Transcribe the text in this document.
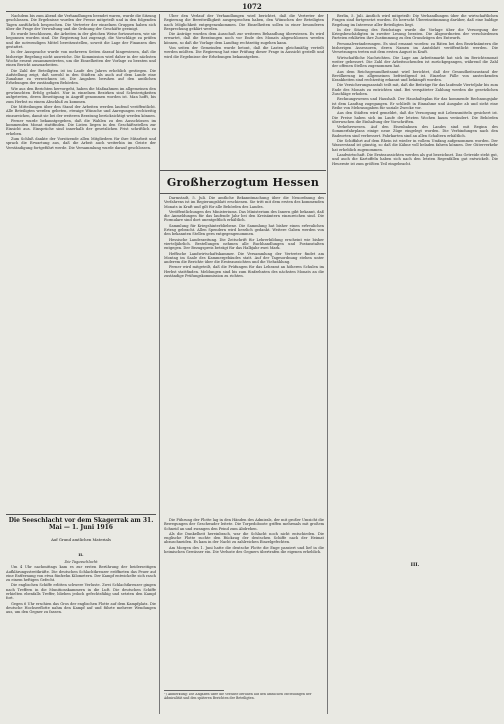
1072

Nachdem bis zum Abend die Verhandlungen beendet waren, wurde die Sitzung geschlossen. Die Ergebnisse wurden der Presse mitgeteilt und in den folgenden Tagen ausführlich besprochen. Die Vertreter der einzelnen Gruppen haben sich über die Frage der Verwaltung und die Ordnung der Geschäfte geeinigt.

Es wurde beschlossen, die Arbeiten in der gleichen Weise fortzusetzen, wie sie begonnen worden sind. Die Regierung hat zugesagt, die Vorschläge zu prüfen und die notwendigen Mittel bereitzustellen, soweit die Lage der Finanzen dies gestattet.

In der Aussprache wurde von mehreren Seiten darauf hingewiesen, daß die bisherige Regelung nicht ausreiche. Die Kommission wird daher in der nächsten Woche erneut zusammentreten, um die Einzelheiten der Vorlage zu beraten und einen Bericht auszuarbeiten.

Die Zahl der Beteiligten ist im Laufe des Jahres erheblich gestiegen. Die Aufstellung zeigt, daß sowohl in den Städten als auch auf dem Lande eine Zunahme zu verzeichnen ist. Die Angaben beruhen auf den amtlichen Erhebungen der zuständigen Behörden.

Wie aus den Berichten hervorgeht, haben die Maßnahmen im allgemeinen den gewünschten Erfolg gehabt. Nur in einzelnen Bezirken sind Schwierigkeiten aufgetreten, deren Beseitigung in Angriff genommen worden ist. Man hofft, bis zum Herbst zu einem Abschluß zu kommen.

Die Mitteilungen über den Stand der Arbeiten werden laufend veröffentlicht. Alle Beteiligten werden gebeten, etwaige Wünsche und Anregungen rechtzeitig einzureichen, damit sie bei der weiteren Beratung berücksichtigt werden können.

Ferner wurde bekanntgegeben, daß die Wahlen zu den Ausschüssen im kommenden Monat stattfinden. Die Listen liegen in den Geschäftsstellen zur Einsicht aus. Einsprüche sind innerhalb der gesetzlichen Frist schriftlich zu erheben.

Zum Schluß dankte der Vorsitzende allen Mitgliedern für ihre Mitarbeit und sprach die Erwartung aus, daß die Arbeit auch weiterhin im Geiste der Verständigung fortgeführt werde. Die Versammlung wurde darauf geschlossen.

Über den Verlauf der Verhandlungen wird berichtet, daß die Vertreter der Regierung die Bereitwilligkeit ausgesprochen haben, den Wünschen der Beteiligten nach Möglichkeit entgegenzukommen. Die Einzelheiten sollen in einer besonderen Besprechung geklärt werden.

Die Anträge wurden dem Ausschuß zur weiteren Behandlung überwiesen. Es wird erwartet, daß die Beratungen noch vor Ende des Monats abgeschlossen werden können, so daß die Vorlage dem Landtag rechtzeitig zugehen kann.

Von seiten der Gemeinden wurde betont, daß die Lasten gleichmäßig verteilt werden müßten. Die Regierung hat eine Prüfung dieser Frage in Aussicht gestellt und wird die Ergebnisse der Erhebungen bekanntgeben.

Großherzogtum Hessen

Darmstadt, 5. Juli. Die amtliche Bekanntmachung über die Neuordnung des Verfahrens ist im Regierungsblatt erschienen. Sie tritt mit dem ersten des kommenden Monats in Kraft und gilt für alle Behörden des Landes.

Veröffentlichungen des Ministeriums. Das Ministerium des Innern gibt bekannt, daß die Anmeldungen für das laufende Jahr bei den Kreisämtern einzureichen sind. Die Formulare sind dort unentgeltlich erhältlich.

Sammlung für Kriegshinterbliebene. Die Sammlung hat bisher einen erfreulichen Ertrag gebracht. Allen Spendern wird herzlich gedankt. Weitere Gaben werden von den bekannten Stellen gern entgegengenommen.

Hessische Landeszeitung. Die Zeitschrift für Lehrerbildung erscheint wie bisher vierteljährlich. Bestellungen nehmen alle Buchhandlungen und Postanstalten entgegen. Der Bezugspreis beträgt für das Halbjahr zwei Mark.

Heffische Landwirtschaftskammer. Die Versammlung der Vertreter findet am Montag im Saale des Kammergebäudes statt. Auf der Tagesordnung stehen unter anderem die Berichte über die Ernteaussichten und die Viehzählung.

Ferner wird mitgeteilt, daß die Prüfungen für das Lehramt an höheren Schulen im Herbst stattfinden. Meldungen sind bis zum fünfzehnten des nächsten Monats an die zuständige Prüfungskommission zu richten.

Berlin, 5. Juli. Amtlich wird mitgeteilt: Die Verhandlungen über die wirtschaftlichen Fragen sind fortgesetzt worden. Es herrscht Übereinstimmung darüber, daß eine baldige Regelung im Interesse aller Beteiligten liegt.

In der Sitzung des Reichstags wurde die Vorlage über die Versorgung der Kriegsbeschädigten in zweiter Lesung beraten. Die Abgeordneten der verschiedenen Parteien erklärten ihre Zustimmung zu den Grundzügen des Entwurfs.

Personalveränderungen. Es sind ernannt worden: zu Räten bei den Bezirksämtern die bisherigen Assessoren, deren Namen im Amtsblatt veröffentlicht werden. Die Versetzungen treten mit dem ersten August in Kraft.

Wirtschaftliche Nachrichten. Die Lage am Arbeitsmarkt hat sich im Berichtsmonat weiter gebessert. Die Zahl der Arbeitsuchenden ist zurückgegangen, während die Zahl der offenen Stellen zugenommen hat.

Aus dem Reichsgesundheitsamt wird berichtet, daß der Gesundheitszustand der Bevölkerung im allgemeinen befriedigend ist. Einzelne Fälle von ansteckenden Krankheiten sind rechtzeitig erkannt und bekämpft worden.

Die Versicherungsanstalt teilt mit, daß die Beiträge für das laufende Vierteljahr bis zum Ende des Monats zu entrichten sind. Bei verspäteter Zahlung werden die gesetzlichen Zuschläge erhoben.

Rechnungswesen und Haushalt. Der Haushaltsplan für das kommende Rechnungsjahr ist dem Landtag zugegangen. Er schließt in Einnahme und Ausgabe ab und sieht eine Reihe von Mehrausgaben für soziale Zwecke vor.

Aus den Städten wird gemeldet, daß die Versorgung mit Lebensmitteln gesichert ist. Die Preise haben sich im Laufe der letzten Wochen kaum verändert. Die Behörden überwachen die Einhaltung der Vorschriften.

Verkehrswesen. Auf den Eisenbahnen des Landes sind mit Beginn des Sommerfahrplans einige neue Züge eingelegt worden. Die Verbindungen nach den Badeorten sind verbessert. Fahrkarten sind an allen Schaltern erhältlich.

Die Schiffahrt auf dem Rhein ist wieder in vollem Umfang aufgenommen worden. Der Wasserstand ist günstig, so daß die Kähne voll beladen fahren können. Der Güterverkehr hat erheblich zugenommen.

Landwirtschaft. Die Ernteaussichten werden als gut bezeichnet. Das Getreide steht gut, und auch die Kartoffeln haben sich nach den letzten Regenfällen gut entwickelt. Die Heuernte ist zum größten Teil eingebracht.

Die Seeschlacht vor dem Skagerrak am 31. Mai — 1. Juni 1916
Auf Grund amtlichen Materials
II.

Die Tagesschlacht

Um 4 Uhr nachmittags kam es zur ersten Berührung der beiderseitigen Aufklärungsstreitkräfte. Die deutschen Schlachtkreuzer eröffneten das Feuer auf eine Entfernung von etwa fünfzehn Kilometern. Der Kampf entwickelte sich rasch zu einem heftigen Gefecht.

Die englischen Schiffe erlitten schwere Verluste. Zwei Schlachtkreuzer gingen nach Treffern in die Munitionskammern in die Luft. Die deutschen Schiffe erhielten ebenfalls Treffer, blieben jedoch gefechtsfähig und setzten den Kampf fort.

Gegen 6 Uhr erschien das Gros der englischen Flotte auf dem Kampfplatz. Die deutsche Hochseeflotte nahm den Kampf auf und führte mehrere Wendungen aus, um den Gegner zu fassen.

Die Führung der Flotte lag in den Händen des Admirals, der mit großer Umsicht die Bewegungen der Geschwader leitete. Die Torpedoboote griffen mehrmals mit großem Schneid an und zwangen den Feind zum Abdrehen.

Als die Dunkelheit hereinbrach, war die Schlacht noch nicht entschieden. Die englische Flotte suchte den Rückzug der deutschen Schiffe nach der Heimat abzuschneiden. Es kam in der Nacht zu zahlreichen Einzelgefechten.

Am Morgen des 1. Juni hatte die deutsche Flotte die Enge passiert und lief in die heimischen Gewässer ein. Die Verluste des Gegners übertrafen die eigenen erheblich.

*) Anmerkung: Die Angaben über die Verluste beruhen auf den amtlichen Mitteilungen der Admiralität und den späteren Berichten der Beteiligten.
III.
